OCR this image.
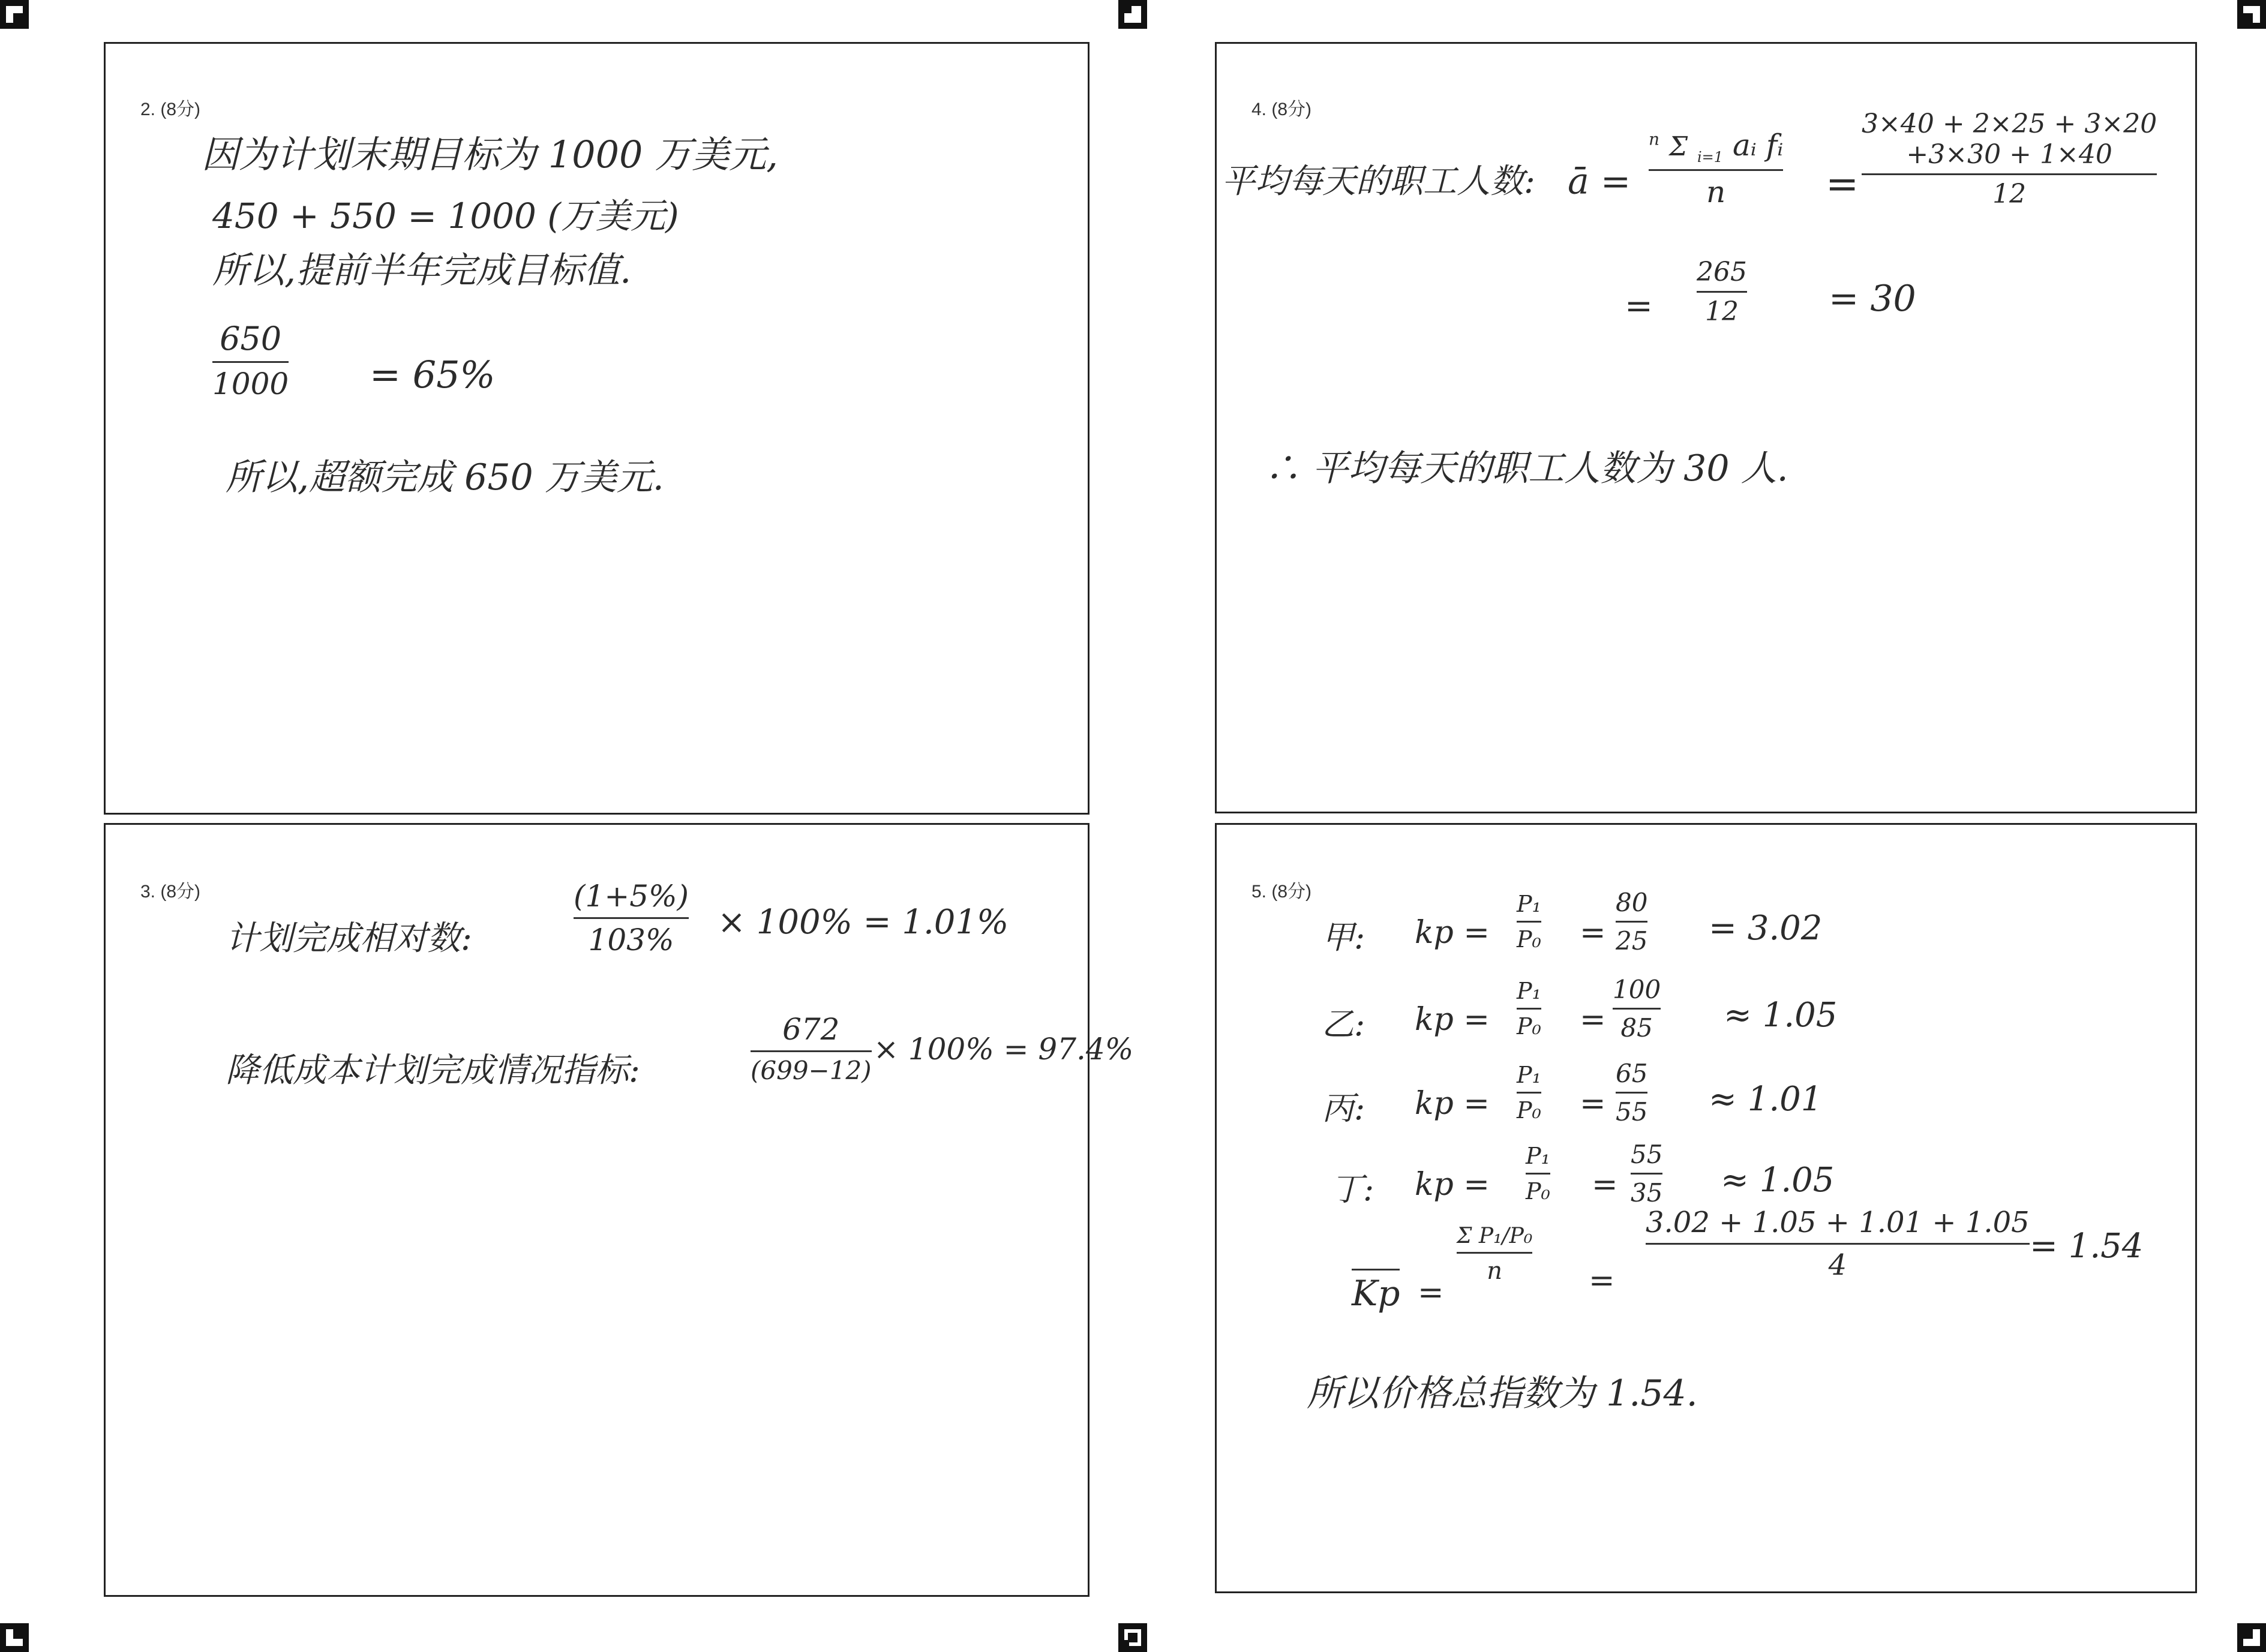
2. (8分)
因为计划末期目标为 1000 万美元,
450 + 550 = 1000 (万美元)
所以,提前半年完成目标值.
650
1000 = 65%
所以,超额完成 650 万美元.
3. (8分)
计划完成相对数:
(1+5%)
103%	× 100% = 1.01%
降低成本计划完成情况指标:
672
(699−12)
× 100% = 97.4%
4. (8分)
平均每天的职工人数: ā =
$^n$ Σ $_{i=1}$ aᵢ fᵢ
n	=
3×40 + 2×25 + 3×20
+3×30 + 1×40
12
=
265
12	= 30
∴ 平均每天的职工人数为 30 人.
5. (8分)
甲: kp =
P₁
P₀ =
80
25 = 3.02
乙: kp =
P₁
P₀ =
100
85 ≈ 1.05
丙: kp =
P₁
P₀ =
65
55 ≈ 1.01
丁: kp =
P₁
P₀ =
55
35 ≈ 1.05
Kp =
Σ P₁/P₀
n	=
3.02 + 1.05 + 1.01 + 1.05
4	= 1.54
所以价格总指数为 1.54.
